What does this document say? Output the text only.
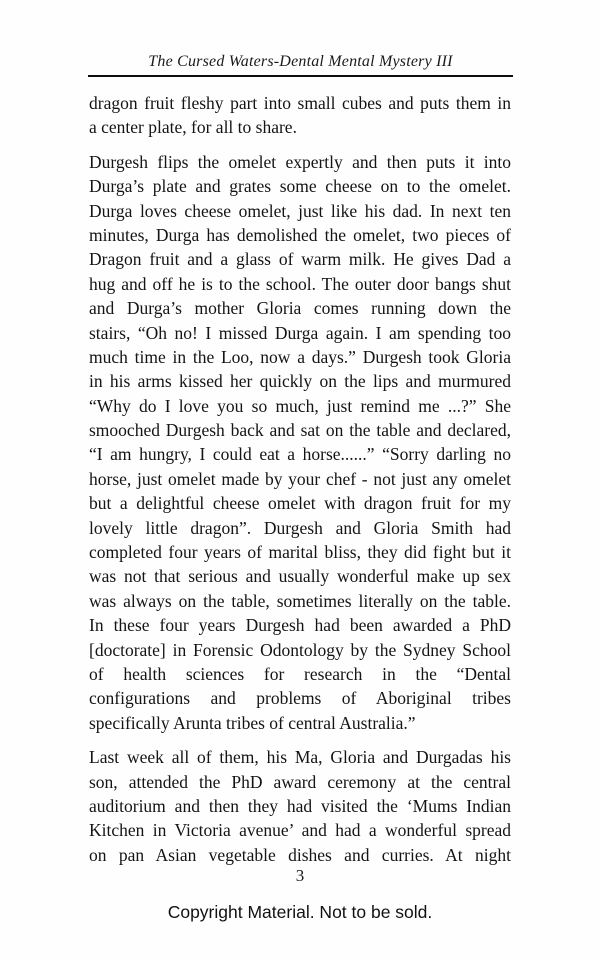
The Cursed Waters-Dental Mental Mystery III
dragon fruit fleshy part into small cubes and puts them in
a center plate, for all to share.
Durgesh flips the omelet expertly and then puts it into
Durga’s plate and grates some cheese on to the omelet.
Durga loves cheese omelet, just like his dad. In next ten
minutes, Durga has demolished the omelet, two pieces of
Dragon fruit and a glass of warm milk. He gives Dad a
hug and off he is to the school. The outer door bangs shut
and Durga’s mother Gloria comes running down the
stairs, “Oh no! I missed Durga again. I am spending too
much time in the Loo, now a days.” Durgesh took Gloria
in his arms kissed her quickly on the lips and murmured
“Why do I love you so much, just remind me ...?” She
smooched Durgesh back and sat on the table and declared,
“I am hungry, I could eat a horse......” “Sorry darling no
horse, just omelet made by your chef - not just any omelet
but a delightful cheese omelet with dragon fruit for my
lovely little dragon”. Durgesh and Gloria Smith had
completed four years of marital bliss, they did fight but it
was not that serious and usually wonderful make up sex
was always on the table, sometimes literally on the table.
In these four years Durgesh had been awarded a PhD
[doctorate] in Forensic Odontology by the Sydney School
of health sciences for research in the “Dental
configurations and problems of Aboriginal tribes
specifically Arunta tribes of central Australia.”
Last week all of them, his Ma, Gloria and Durgadas his
son, attended the PhD award ceremony at the central
auditorium and then they had visited the ‘Mums Indian
Kitchen in Victoria avenue’ and had a wonderful spread
on pan Asian vegetable dishes and curries. At night
3
Copyright Material. Not to be sold.
